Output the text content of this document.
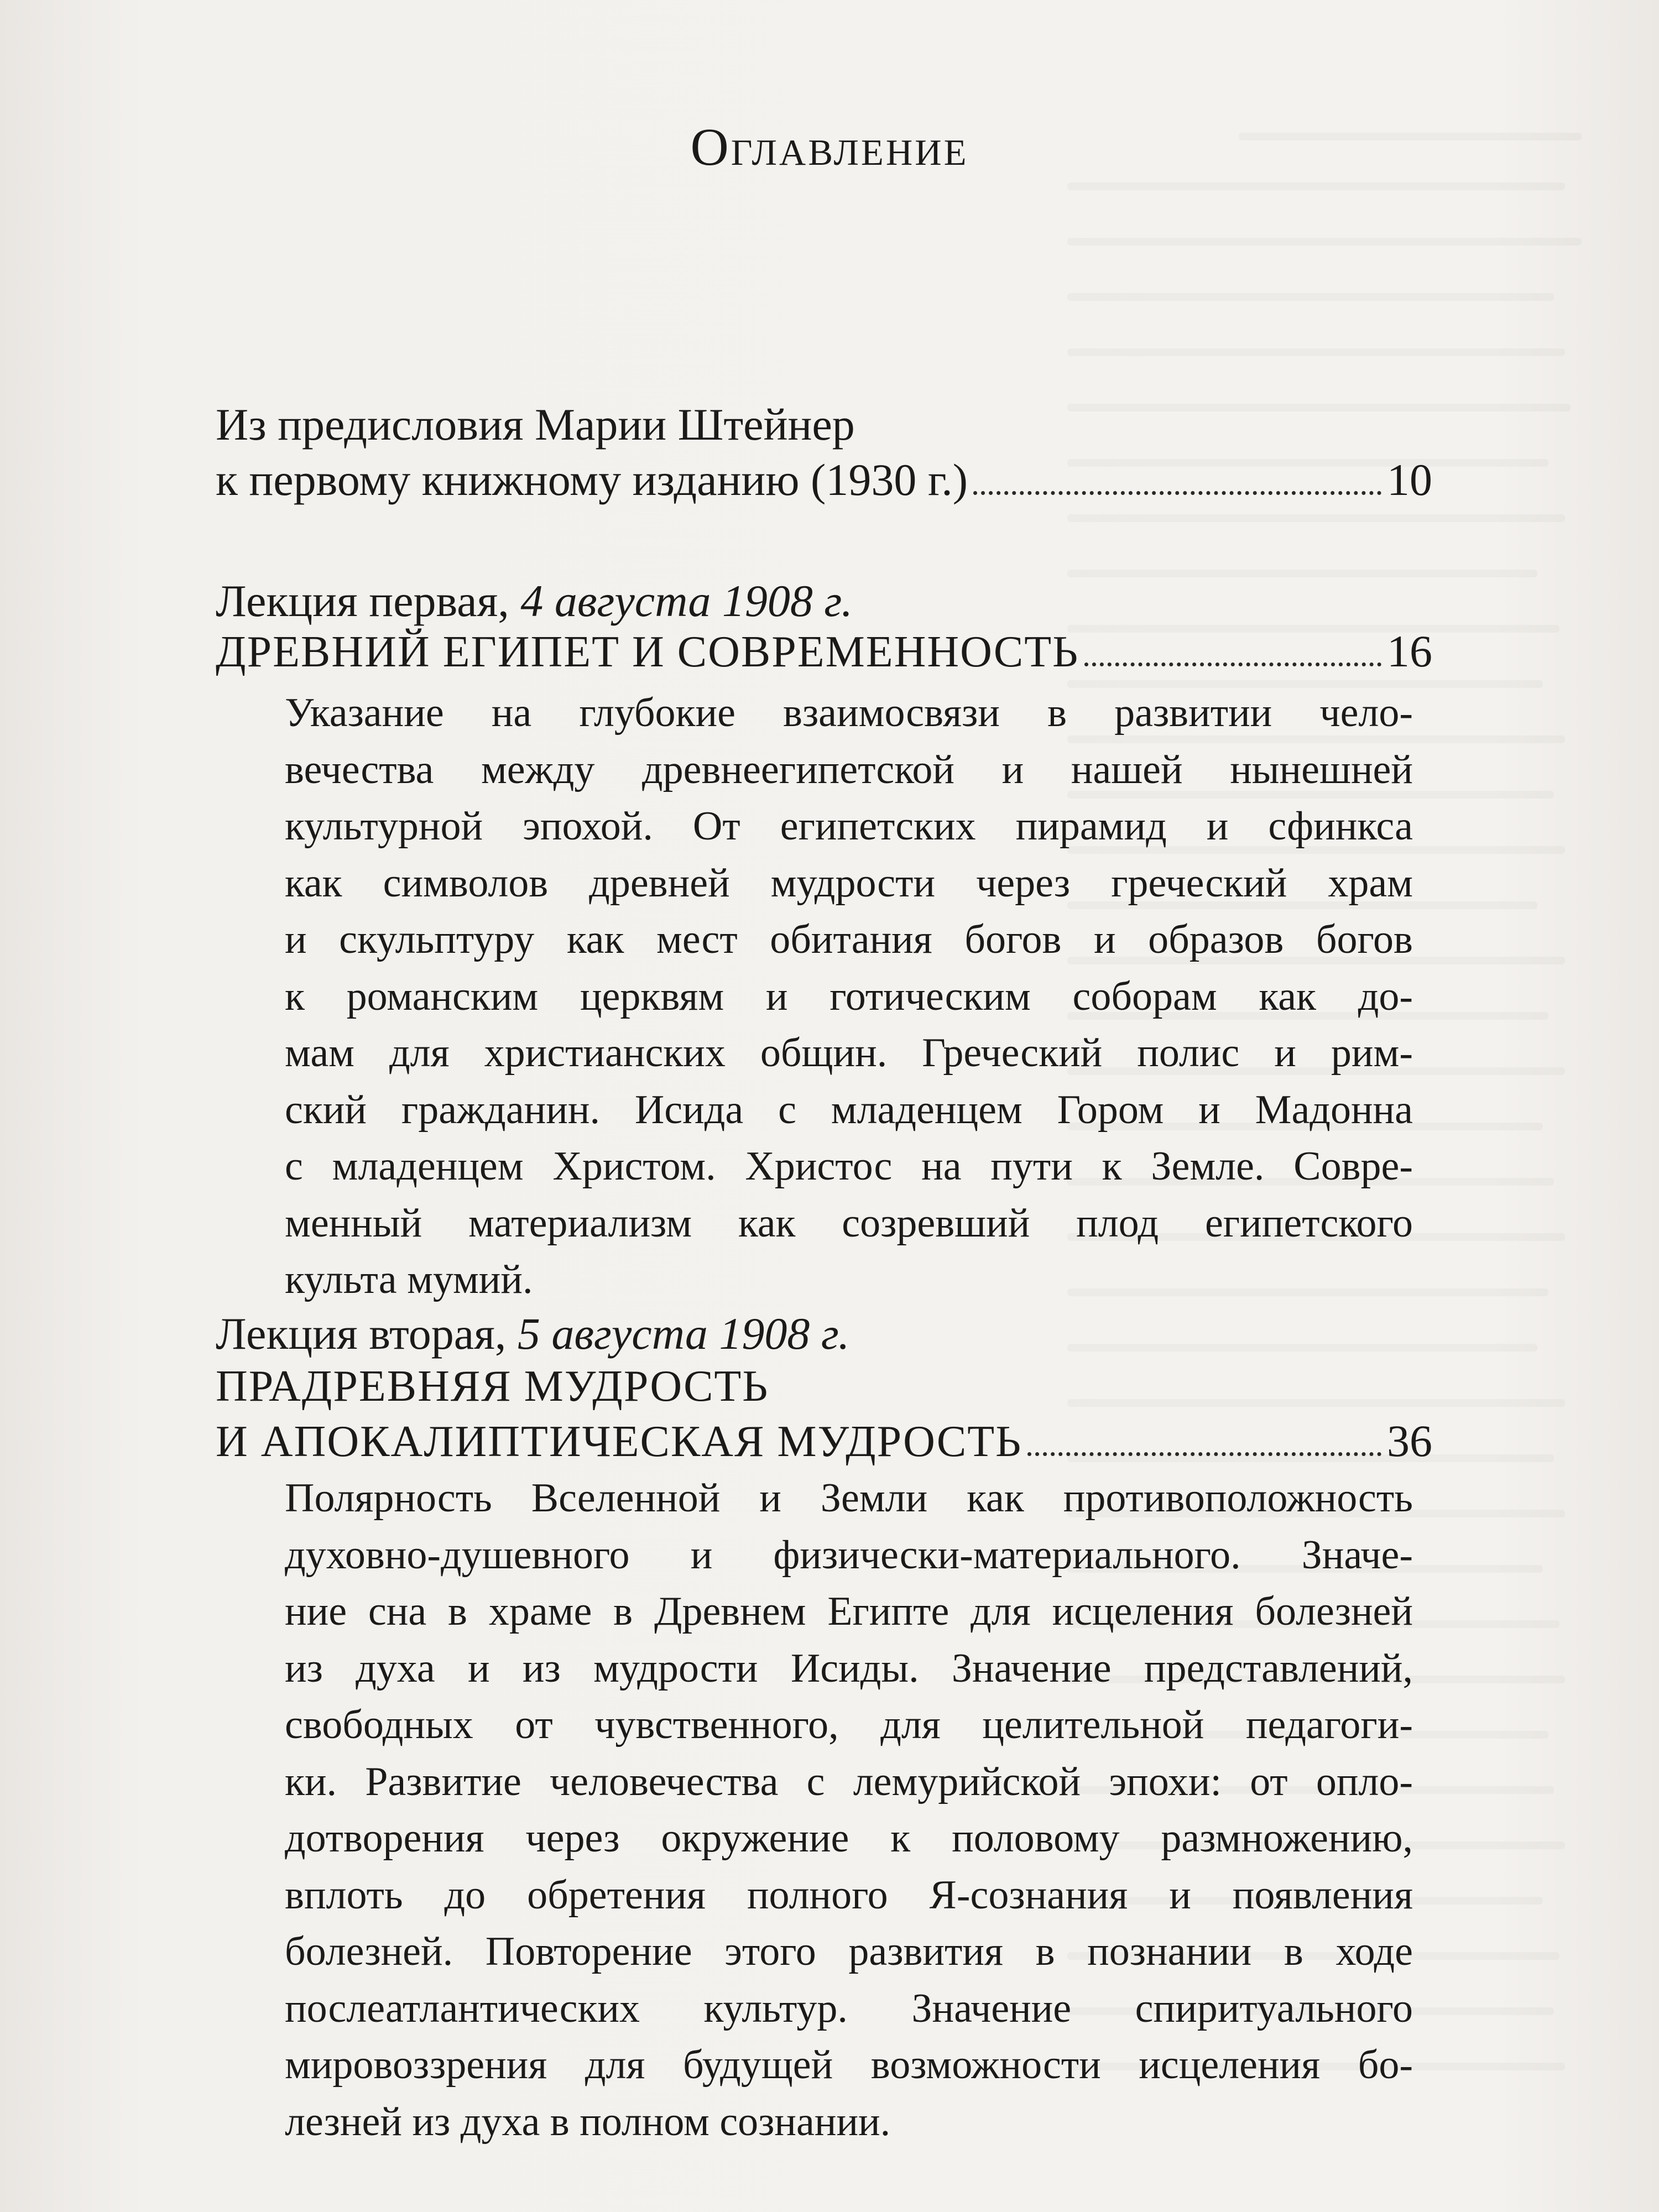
Оглавление
Из предисловия Марии Штейнер
к первому книжному изданию (1930 г.)	10
Лекция первая, 4 августа 1908 г.
ДРЕВНИЙ ЕГИПЕТ И СОВРЕМЕННОСТЬ	16
Указание на глубокие взаимосвязи в развитии чело-
вечества между древнеегипетской и нашей нынешней
культурной эпохой. От египетских пирамид и сфинкса
как символов древней мудрости через греческий храм
и скульптуру как мест обитания богов и образов богов
к романским церквям и готическим соборам как до-
мам для христианских общин. Греческий полис и рим-
ский гражданин. Исида с младенцем Гором и Мадонна
с младенцем Христом. Христос на пути к Земле. Совре-
менный материализм как созревший плод египетского
культа мумий.
Лекция вторая, 5 августа 1908 г.
ПРАДРЕВНЯЯ МУДРОСТЬ
И АПОКАЛИПТИЧЕСКАЯ МУДРОСТЬ	36
Полярность Вселенной и Земли как противоположность
духовно-душевного и физически-материального. Значе-
ние сна в храме в Древнем Египте для исцеления болезней
из духа и из мудрости Исиды. Значение представлений,
свободных от чувственного, для целительной педагоги-
ки. Развитие человечества с лемурийской эпохи: от опло-
дотворения через окружение к половому размножению,
вплоть до обретения полного Я-сознания и появления
болезней. Повторение этого развития в познании в ходе
послеатлантических культур. Значение спиритуального
мировоззрения для будущей возможности исцеления бо-
лезней из духа в полном сознании.
